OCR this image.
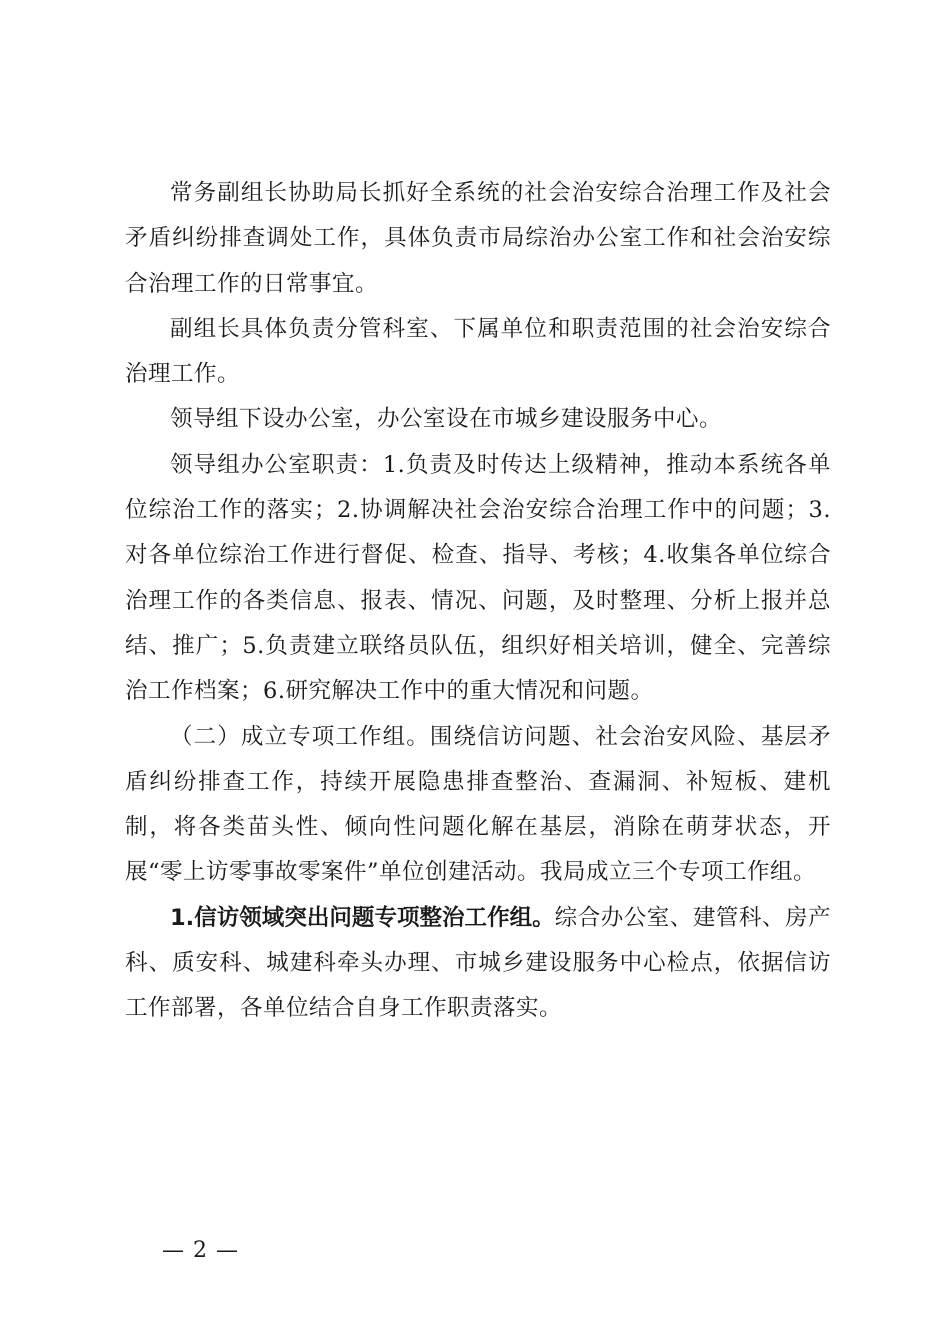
常务副组长协助局长抓好全系统的社会治安综合治理工作及社会矛盾纠纷排查调处工作，具体负责市局综治办公室工作和社会治安综合治理工作的日常事宜。

副组长具体负责分管科室、下属单位和职责范围的社会治安综合治理工作。

领导组下设办公室，办公室设在市城乡建设服务中心。

领导组办公室职责：1.负责及时传达上级精神，推动本系统各单位综治工作的落实；2.协调解决社会治安综合治理工作中的问题；3.对各单位综治工作进行督促、检查、指导、考核；4.收集各单位综合治理工作的各类信息、报表、情况、问题，及时整理、分析上报并总结、推广；5.负责建立联络员队伍，组织好相关培训，健全、完善综治工作档案；6.研究解决工作中的重大情况和问题。

（二）成立专项工作组。围绕信访问题、社会治安风险、基层矛盾纠纷排查工作，持续开展隐患排查整治、查漏洞、补短板、建机制，将各类苗头性、倾向性问题化解在基层，消除在萌芽状态，开展“零上访零事故零案件”单位创建活动。我局成立三个专项工作组。

1.信访领域突出问题专项整治工作组。综合办公室、建管科、房产科、质安科、城建科牵头办理、市城乡建设服务中心检点，依据信访工作部署，各单位结合自身工作职责落实。

— 2 —
